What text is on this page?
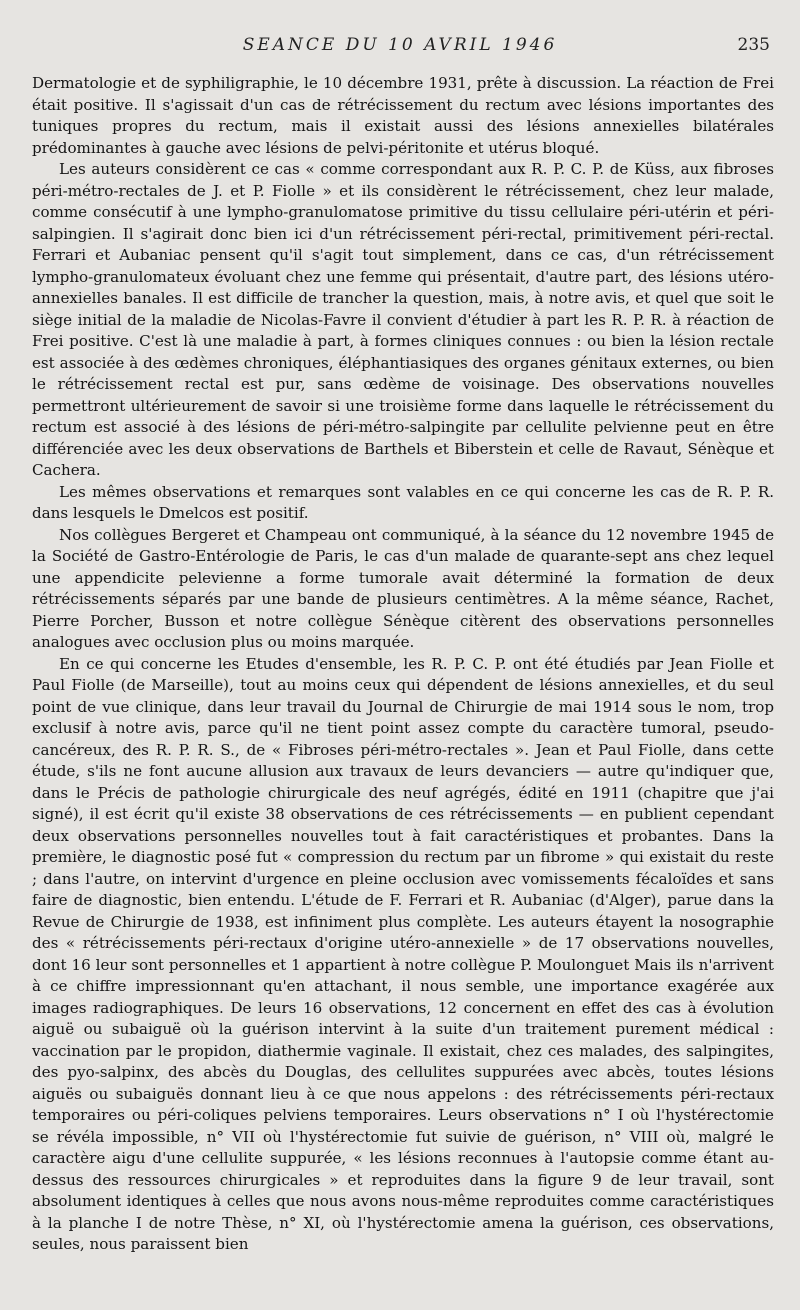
SEANCE DU 10 AVRIL 1946	235

Dermatologie et de syphiligraphie, le 10 décembre 1931, prête à discussion. La réaction de Frei était positive. Il s'agissait d'un cas de rétrécissement du rectum avec lésions importantes des tuniques propres du rectum, mais il existait aussi des lésions annexielles bilatérales prédominantes à gauche avec lésions de pelvi-péritonite et utérus bloqué.

Les auteurs considèrent ce cas « comme correspondant aux R. P. C. P. de Küss, aux fibroses péri-métro-rectales de J. et P. Fiolle » et ils considèrent le rétrécissement, chez leur malade, comme consécutif à une lympho-granulomatose primitive du tissu cellulaire péri-utérin et péri-salpingien. Il s'agirait donc bien ici d'un rétrécissement péri-rectal, primitivement péri-rectal. Ferrari et Aubaniac pensent qu'il s'agit tout simplement, dans ce cas, d'un rétrécissement lympho-granulomateux évoluant chez une femme qui présentait, d'autre part, des lésions utéro-annexielles banales. Il est difficile de trancher la question, mais, à notre avis, et quel que soit le siège initial de la maladie de Nicolas-Favre il convient d'étudier à part les R. P. R. à réaction de Frei positive. C'est là une maladie à part, à formes cliniques connues : ou bien la lésion rectale est associée à des œdèmes chroniques, éléphantiasiques des organes génitaux externes, ou bien le rétrécissement rectal est pur, sans œdème de voisinage. Des observations nouvelles permettront ultérieurement de savoir si une troisième forme dans laquelle le rétrécissement du rectum est associé à des lésions de péri-métro-salpingite par cellulite pelvienne peut en être différenciée avec les deux observations de Barthels et Biberstein et celle de Ravaut, Sénèque et Cachera.

Les mêmes observations et remarques sont valables en ce qui concerne les cas de R. P. R. dans lesquels le Dmelcos est positif.

Nos collègues Bergeret et Champeau ont communiqué, à la séance du 12 novembre 1945 de la Société de Gastro-Entérologie de Paris, le cas d'un malade de quarante-sept ans chez lequel une appendicite pelevienne a forme tumorale avait déterminé la formation de deux rétrécissements séparés par une bande de plusieurs centimètres. A la même séance, Rachet, Pierre Porcher, Busson et notre collègue Sénèque citèrent des observations personnelles analogues avec occlusion plus ou moins marquée.

En ce qui concerne les Etudes d'ensemble, les R. P. C. P. ont été étudiés par Jean Fiolle et Paul Fiolle (de Marseille), tout au moins ceux qui dépendent de lésions annexielles, et du seul point de vue clinique, dans leur travail du Journal de Chirurgie de mai 1914 sous le nom, trop exclusif à notre avis, parce qu'il ne tient point assez compte du caractère tumoral, pseudo-cancéreux, des R. P. R. S., de « Fibroses péri-métro-rectales ». Jean et Paul Fiolle, dans cette étude, s'ils ne font aucune allusion aux travaux de leurs devanciers — autre qu'indiquer que, dans le Précis de pathologie chirurgicale des neuf agrégés, édité en 1911 (chapitre que j'ai signé), il est écrit qu'il existe 38 observations de ces rétrécissements — en publient cependant deux observations personnelles nouvelles tout à fait caractéristiques et probantes. Dans la première, le diagnostic posé fut « compression du rectum par un fibrome » qui existait du reste ; dans l'autre, on intervint d'urgence en pleine occlusion avec vomissements fécaloïdes et sans faire de diagnostic, bien entendu. L'étude de F. Ferrari et R. Aubaniac (d'Alger), parue dans la Revue de Chirurgie de 1938, est infiniment plus complète. Les auteurs étayent la nosographie des « rétrécissements péri-rectaux d'origine utéro-annexielle » de 17 observations nouvelles, dont 16 leur sont personnelles et 1 appartient à notre collègue P. Moulonguet Mais ils n'arrivent à ce chiffre impressionnant qu'en attachant, il nous semble, une importance exagérée aux images radiographiques. De leurs 16 observations, 12 concernent en effet des cas à évolution aiguë ou subaiguë où la guérison intervint à la suite d'un traitement purement médical : vaccination par le propidon, diathermie vaginale. Il existait, chez ces malades, des salpingites, des pyo-salpinx, des abcès du Douglas, des cellulites suppurées avec abcès, toutes lésions aiguës ou subaiguës donnant lieu à ce que nous appelons : des rétrécissements péri-rectaux temporaires ou péri-coliques pelviens temporaires. Leurs observations n° I où l'hystérectomie se révéla impossible, n° VII où l'hystérectomie fut suivie de guérison, n° VIII où, malgré le caractère aigu d'une cellulite suppurée, « les lésions reconnues à l'autopsie comme étant au-dessus des ressources chirurgicales » et reproduites dans la figure 9 de leur travail, sont absolument identiques à celles que nous avons nous-même reproduites comme caractéristiques à la planche I de notre Thèse, n° XI, où l'hystérectomie amena la guérison, ces observations, seules, nous paraissent bien
